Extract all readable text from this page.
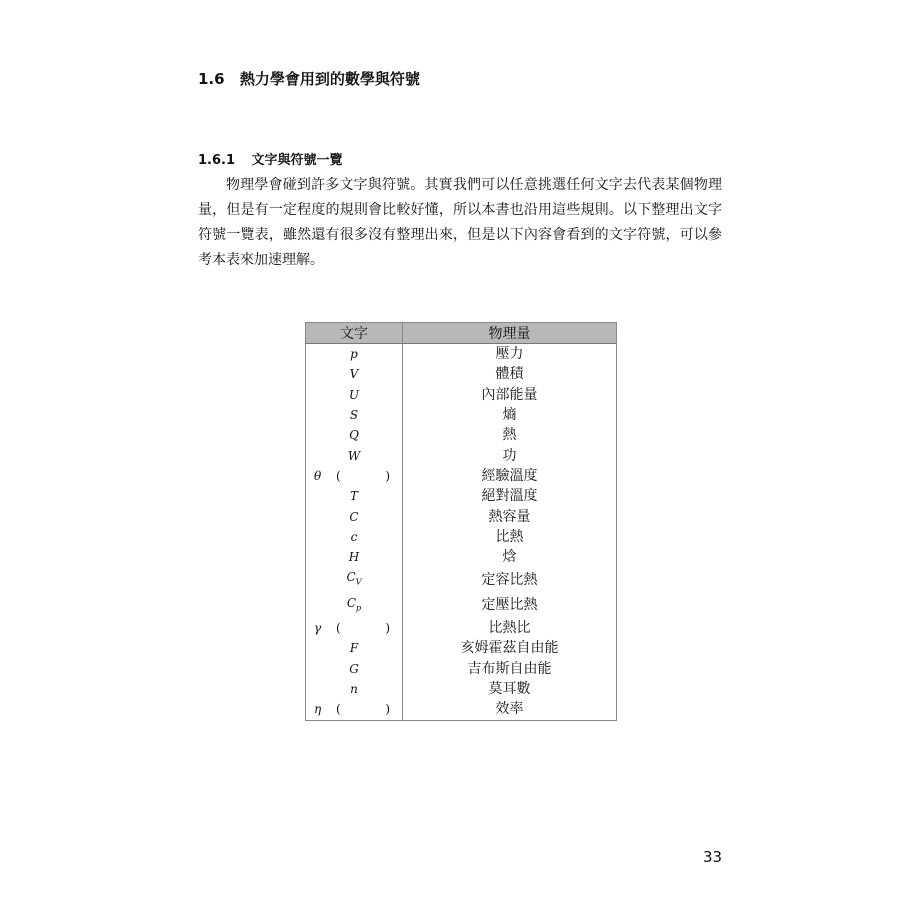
1.6 熱力學會用到的數學與符號
1.6.1 文字與符號一覽

物理學會碰到許多文字與符號。其實我們可以任意挑選任何文字去代表某個物理量，但是有一定程度的規則會比較好懂，所以本書也沿用這些規則。以下整理出文字符號一覽表，雖然還有很多沒有整理出來，但是以下內容會看到的文字符號，可以參考本表來加速理解。

文字	物理量
p	壓力
V	體積
U	內部能量
S	熵
Q	熱
W	功

θ ( )	經驗溫度
T	絕對溫度
C	熱容量
c	比熱
H	焓
$C_V$	定容比熱
$C_p$	定壓比熱

γ ( )	比熱比
F	亥姆霍茲自由能
G	吉布斯自由能
n	莫耳數

η ( )	效率
33
